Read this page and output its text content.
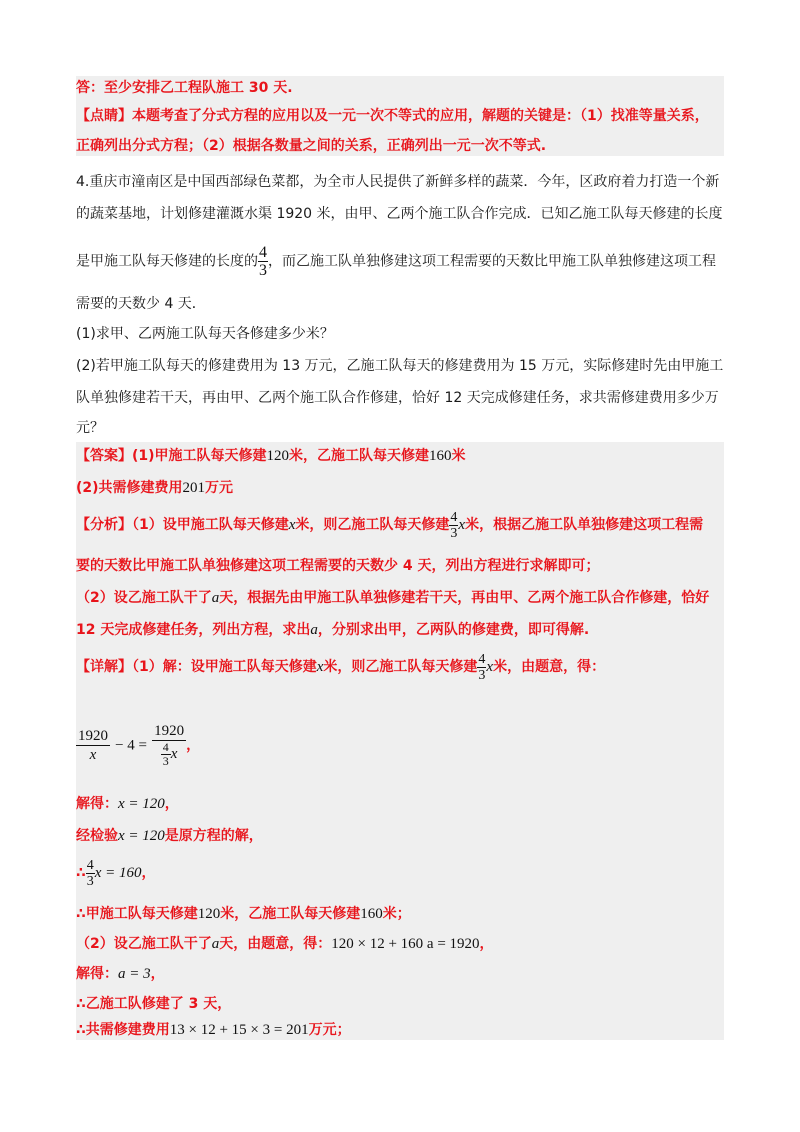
答：至少安排乙工程队施工 30 天.
【点睛】本题考查了分式方程的应用以及一元一次不等式的应用，解题的关键是：（1）找准等量关系，
正确列出分式方程；（2）根据各数量之间的关系，正确列出一元一次不等式.
4.重庆市潼南区是中国西部绿色菜都，为全市人民提供了新鲜多样的蔬菜．今年，区政府着力打造一个新
的蔬菜基地，计划修建灌溉水渠 1920 米，由甲、乙两个施工队合作完成．已知乙施工队每天修建的长度
是甲施工队每天修建的长度的 $\frac{4}{3}$ ，而乙施工队单独修建这项工程需要的天数比甲施工队单独修建这项工程
需要的天数少 4 天．
(1)求甲、乙两施工队每天各修建多少米？
(2)若甲施工队每天的修建费用为 13 万元，乙施工队每天的修建费用为 15 万元，实际修建时先由甲施工
队单独修建若干天，再由甲、乙两个施工队合作修建，恰好 12 天完成修建任务，求共需修建费用多少万
元？
【答案】(1)甲施工队每天修建120米，乙施工队每天修建160米
(2)共需修建费用201万元
【分析】（1）设甲施工队每天修建x米，则乙施工队每天修建 $\frac{4}{3}$ x米，根据乙施工队单独修建这项工程需
要的天数比甲施工队单独修建这项工程需要的天数少 4 天，列出方程进行求解即可；
（2）设乙施工队干了a天，根据先由甲施工队单独修建若干天，再由甲、乙两个施工队合作修建，恰好
12 天完成修建任务，列出方程，求出a，分别求出甲，乙两队的修建费，即可得解.
【详解】（1）解：设甲施工队每天修建x米，则乙施工队每天修建 $\frac{4}{3}$ x米，由题意，得：
$\frac{1920}{x} - 4 = \frac{1920}{\frac{4}{3} x}$ ，
解得：x = 120，
经检验x = 120是原方程的解，
∴ $\frac{4}{3}$ x = 160，
∴甲施工队每天修建120米，乙施工队每天修建160米；
（2）设乙施工队干了a天，由题意，得：120 × 12 + 160 a = 1920，
解得：a = 3，
∴乙施工队修建了 3 天，
∴共需修建费用13 × 12 + 15 × 3 = 201万元；
